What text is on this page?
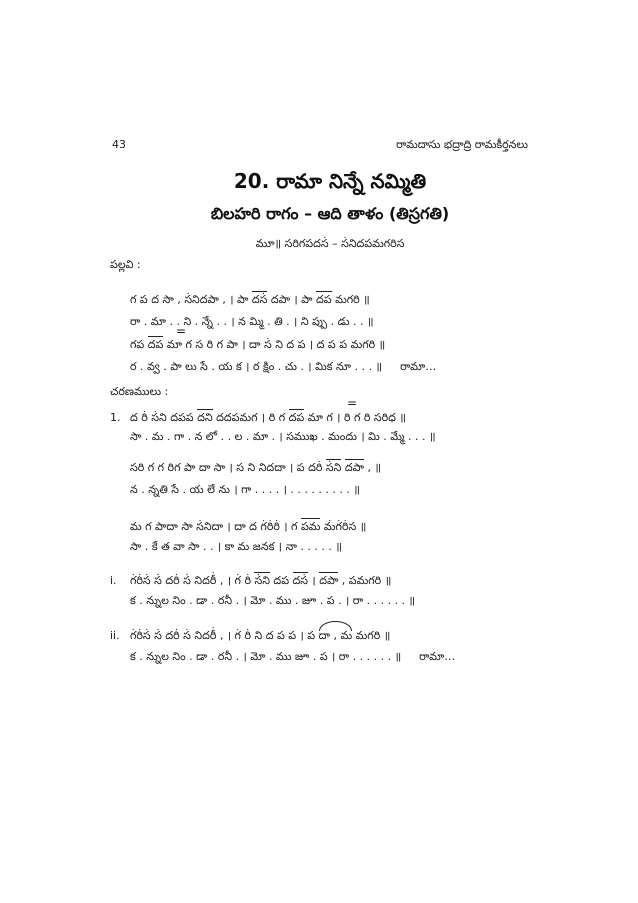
43	రామదాసు భద్రాద్రి రామకీర్తనలు
20. రామా నిన్నే నమ్మితి
బిలహరి రాగం – ఆది తాళం (తిస్రగతి)
మూ॥ సరిగపదస̇ – స̇నిదపమగరిస
పల్లవి :
గ ప ద సా , స̇నిదపా , । పా దస̇ దపా । పా దప మగరి ॥
రా . మా . . ని . న్నే . . । న మ్మి . తి . । ని ప్పు . డు . . ॥
=
గప దప మా గ స రి గ పా । దా స̇ ని ద ప । ద ప ప మగరి ॥
ర . వ్వ . పా లు సే . య క । ర క్షిం . చు . । మిక నూ . . . ॥ రామా…
చరణములు :
=
1. ద రి̇ స̇ని దపప దని దదపమగ । రి గ దప మా గ । రి గ రి సరిధ ॥
సా . మ . గా . న లో . . ల . మా . । సముఖ . మందు । మి . మ్మే . . . ॥
సరి గ గ రిగ పా దా సా । స ని నిదదా । ప దరి̇ స̇ని దపా , ॥
న . న్నతి సే . య లే ను । గా . . . . । . . . . . . . . . ॥
మ గ పాదా సా స̇నిదా । దా ద గ̇రి̇రి̇ । గ పమ మ̇గ̇రి̇స ॥
సా . కే త వా సా . . । కా మ జనక । నా . . . . . ॥
i. గ̇రి̇స̇ స̇ దరి̇ స̇ నిదరీ̇ , । గ̇ రి̇ స̇ని దప దస̇ । దపా , పమగరి ॥
క . న్నుల నిం . డా . రనీ . । మో . ము . జూ . ప . । రా . . . . . . ॥
ii. గ̇రి̇స̇ స̇ దరి̇ స̇ నిదరీ̇ , । గ̇ రి̇ ని ద ప ప । ప దా , మ మగరి ॥
క . న్నుల నిం . డా . రనీ . । మో . ము జూ . ప । రా . . . . . . ॥ రామా…
